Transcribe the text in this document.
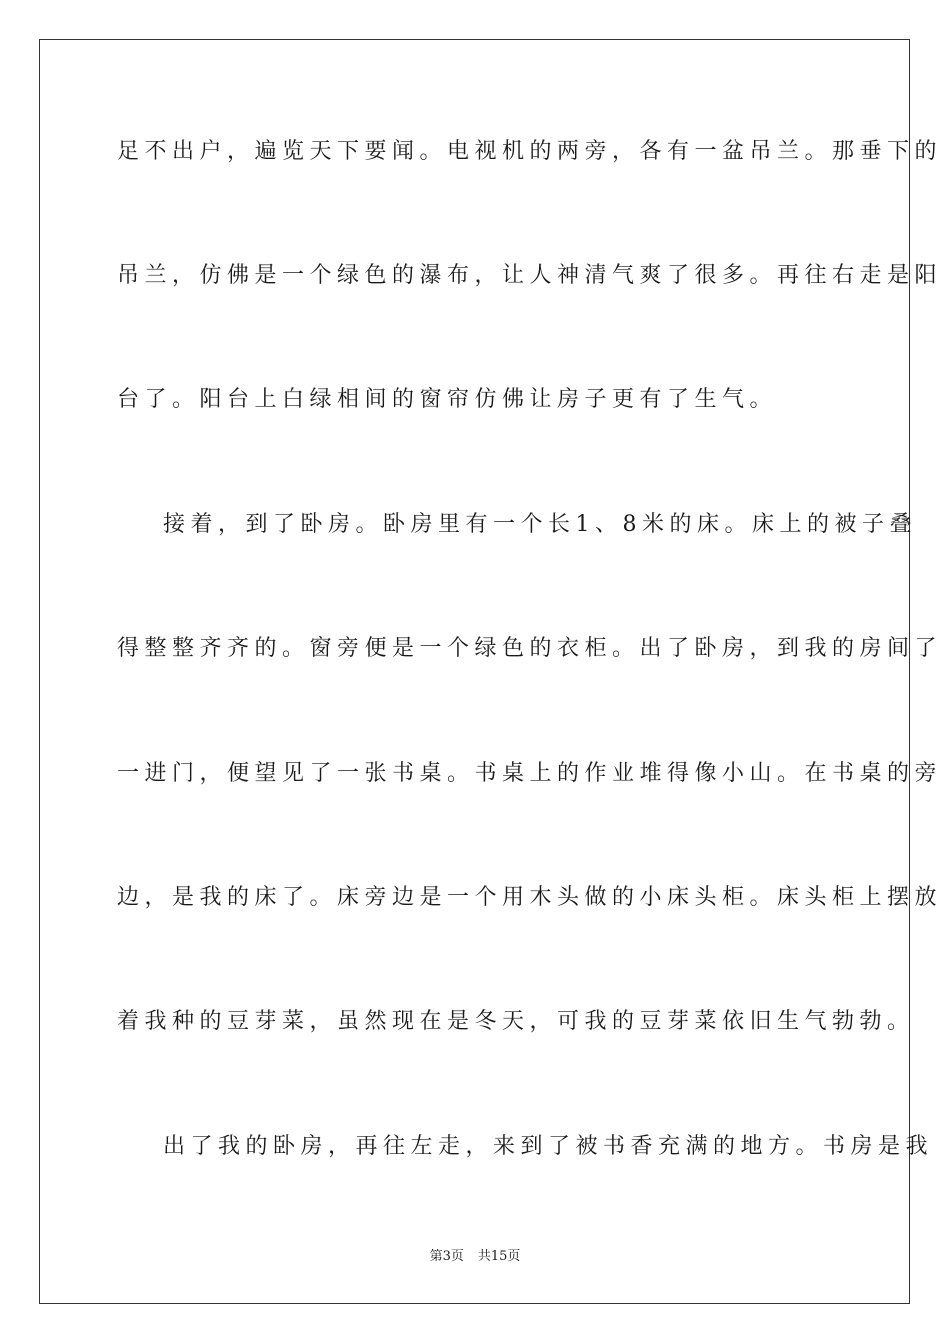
足不出户，遍览天下要闻。电视机的两旁，各有一盆吊兰。那垂下的
吊兰，仿佛是一个绿色的瀑布，让人神清气爽了很多。再往右走是阳
台了。阳台上白绿相间的窗帘仿佛让房子更有了生气。
接着，到了卧房。卧房里有一个长1、8米的床。床上的被子叠
得整整齐齐的。窗旁便是一个绿色的衣柜。出了卧房，到我的房间了
一进门，便望见了一张书桌。书桌上的作业堆得像小山。在书桌的旁
边，是我的床了。床旁边是一个用木头做的小床头柜。床头柜上摆放
着我种的豆芽菜，虽然现在是冬天，可我的豆芽菜依旧生气勃勃。
出了我的卧房，再往左走，来到了被书香充满的地方。书房是我
第3页 共15页
